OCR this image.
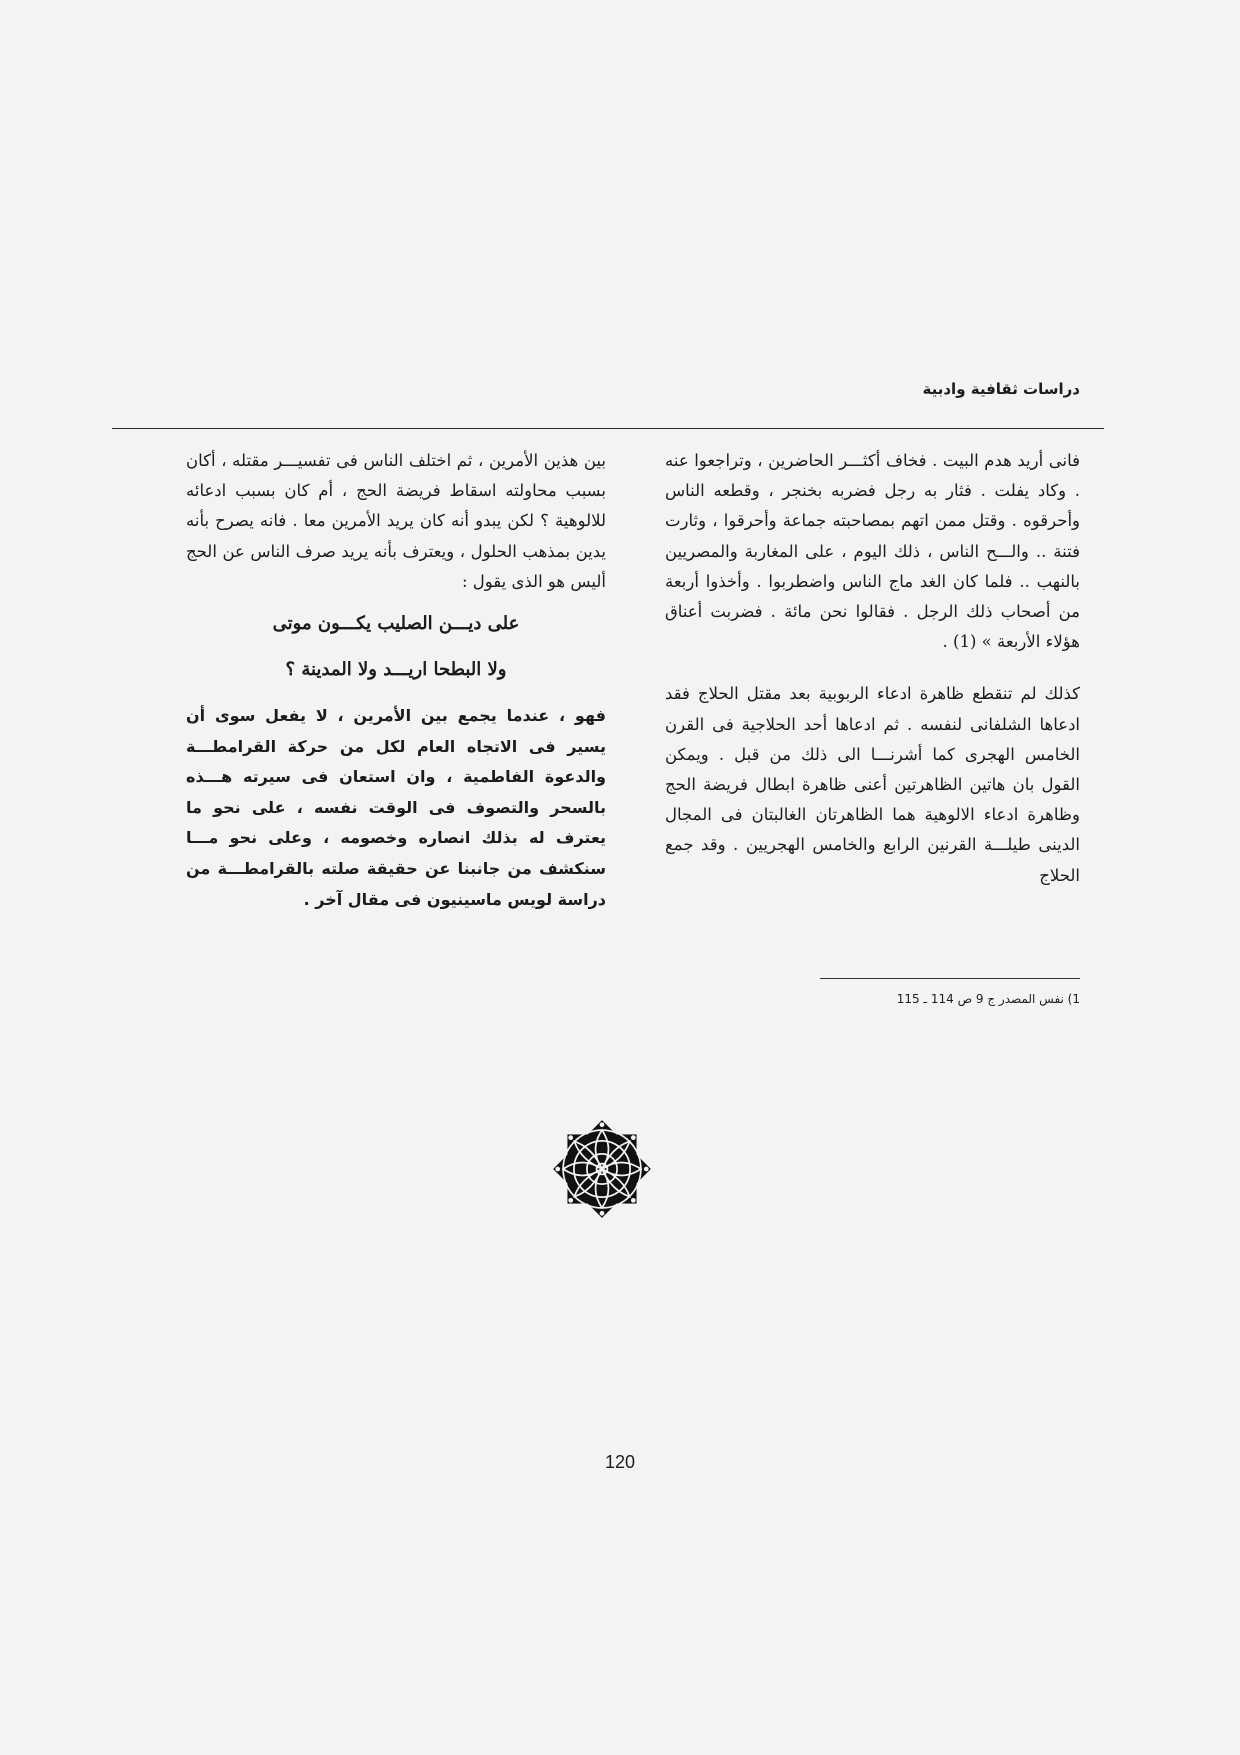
دراسات ثقافية وادبية

فانى أريد هدم البيت . فخاف أكثـــر الحاضرين ، وتراجعوا عنه . وكاد يفلت . فثار به رجل فضربه بخنجر ، وقطعه الناس وأحرقوه . وقتل ممن اتهم بمصاحبته جماعة وأحرقوا ، وثارت فتنة .. والـــح الناس ، ذلك اليوم ، على المغاربة والمصريين بالنهب .. فلما كان الغد ماج الناس واضطربوا . وأخذوا أربعة من أصحاب ذلك الرجل . فقالوا نحن مائة . فضربت أعناق هؤلاء الأربعة » (1) .

كذلك لم تنقطع ظاهرة ادعاء الربوبية بعد مقتل الحلاج فقد ادعاها الشلفانى لنفسه . ثم ادعاها أحد الحلاجية فى القرن الخامس الهجرى كما أشرنـــا الى ذلك من قبل . ويمكن القول بان هاتين الظاهرتين أعنى ظاهرة ابطال فريضة الحج وظاهرة ادعاء الالوهية هما الظاهرتان الغالبتان فى المجال الدينى طيلـــة القرنين الرابع والخامس الهجريين . وقد جمع الحلاج

1) نفس المصدر ج 9 ص 114 ـ 115

بين هذين الأمرين ، ثم اختلف الناس فى تفسيـــر مقتله ، أكان بسبب محاولته اسقاط فريضة الحج ، أم كان بسبب ادعائه للالوهية ؟ لكن يبدو أنه كان يريد الأمرين معا . فانه يصرح بأنه يدين بمذهب الحلول ، ويعترف بأنه يريد صرف الناس عن الحج أليس هو الذى يقول :

على ديـــن الصليب يكـــون موتى
ولا البطحا اريـــد ولا المدينة ؟

فهو ، عندما يجمع بين الأمرين ، لا يفعل سوى أن يسير فى الاتجاه العام لكل من حركة القرامطـــة والدعوة الفاطمية ، وان استعان فى سيرته هـــذه بالسحر والتصوف فى الوقت نفسه ، على نحو ما يعترف له بذلك انصاره وخصومه ، وعلى نحو مـــا سنكشف من جانبنا عن حقيقة صلته بالقرامطـــة من دراسة لويس ماسينيون فى مقال آخر .

120
